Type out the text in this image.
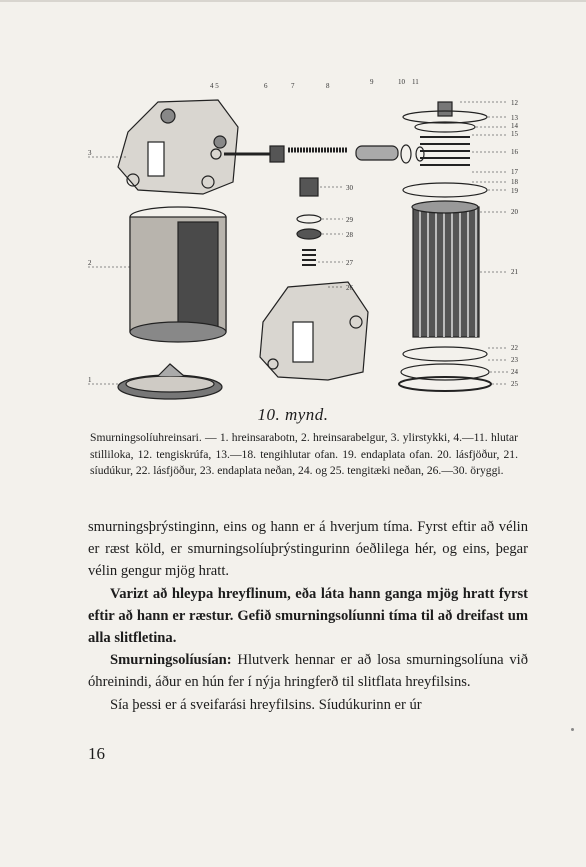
4 5	6	7	8	9	10 11
12
13
14
15
16
17
18
19
20
21
22
23
24
25
30
29
28
27
26
3
2
1
10. mynd.
Smurningsolíuhreinsari. — 1. hreinsarabotn, 2. hreinsarabelgur, 3. ylirstykki, 4.—11. hlutar stilliloka, 12. tengiskrúfa, 13.—18. tengihlutar ofan. 19. endaplata ofan. 20. lásfjöður, 21. síudúkur, 22. lásfjöður, 23. endaplata neðan, 24. og 25. tengitæki neðan, 26.—30. öryggi.

smurningsþrýstinginn, eins og hann er á hverjum tíma. Fyrst eftir að vélin er ræst köld, er smurningsolíuþrýstingurinn óeðlilega hér, og eins, þegar vélin gengur mjög hratt.

Varizt að hleypa hreyflinum, eða láta hann ganga mjög hratt fyrst eftir að hann er ræstur. Gefið smurningsolíunni tíma til að dreifast um alla slitfletina.

Smurningsolíusían: Hlutverk hennar er að losa smurningsolíuna við óhreinindi, áður en hún fer í nýja hringferð til slitflata hreyfilsins.

Sía þessi er á sveifarási hreyfilsins. Síudúkurinn er úr

16
